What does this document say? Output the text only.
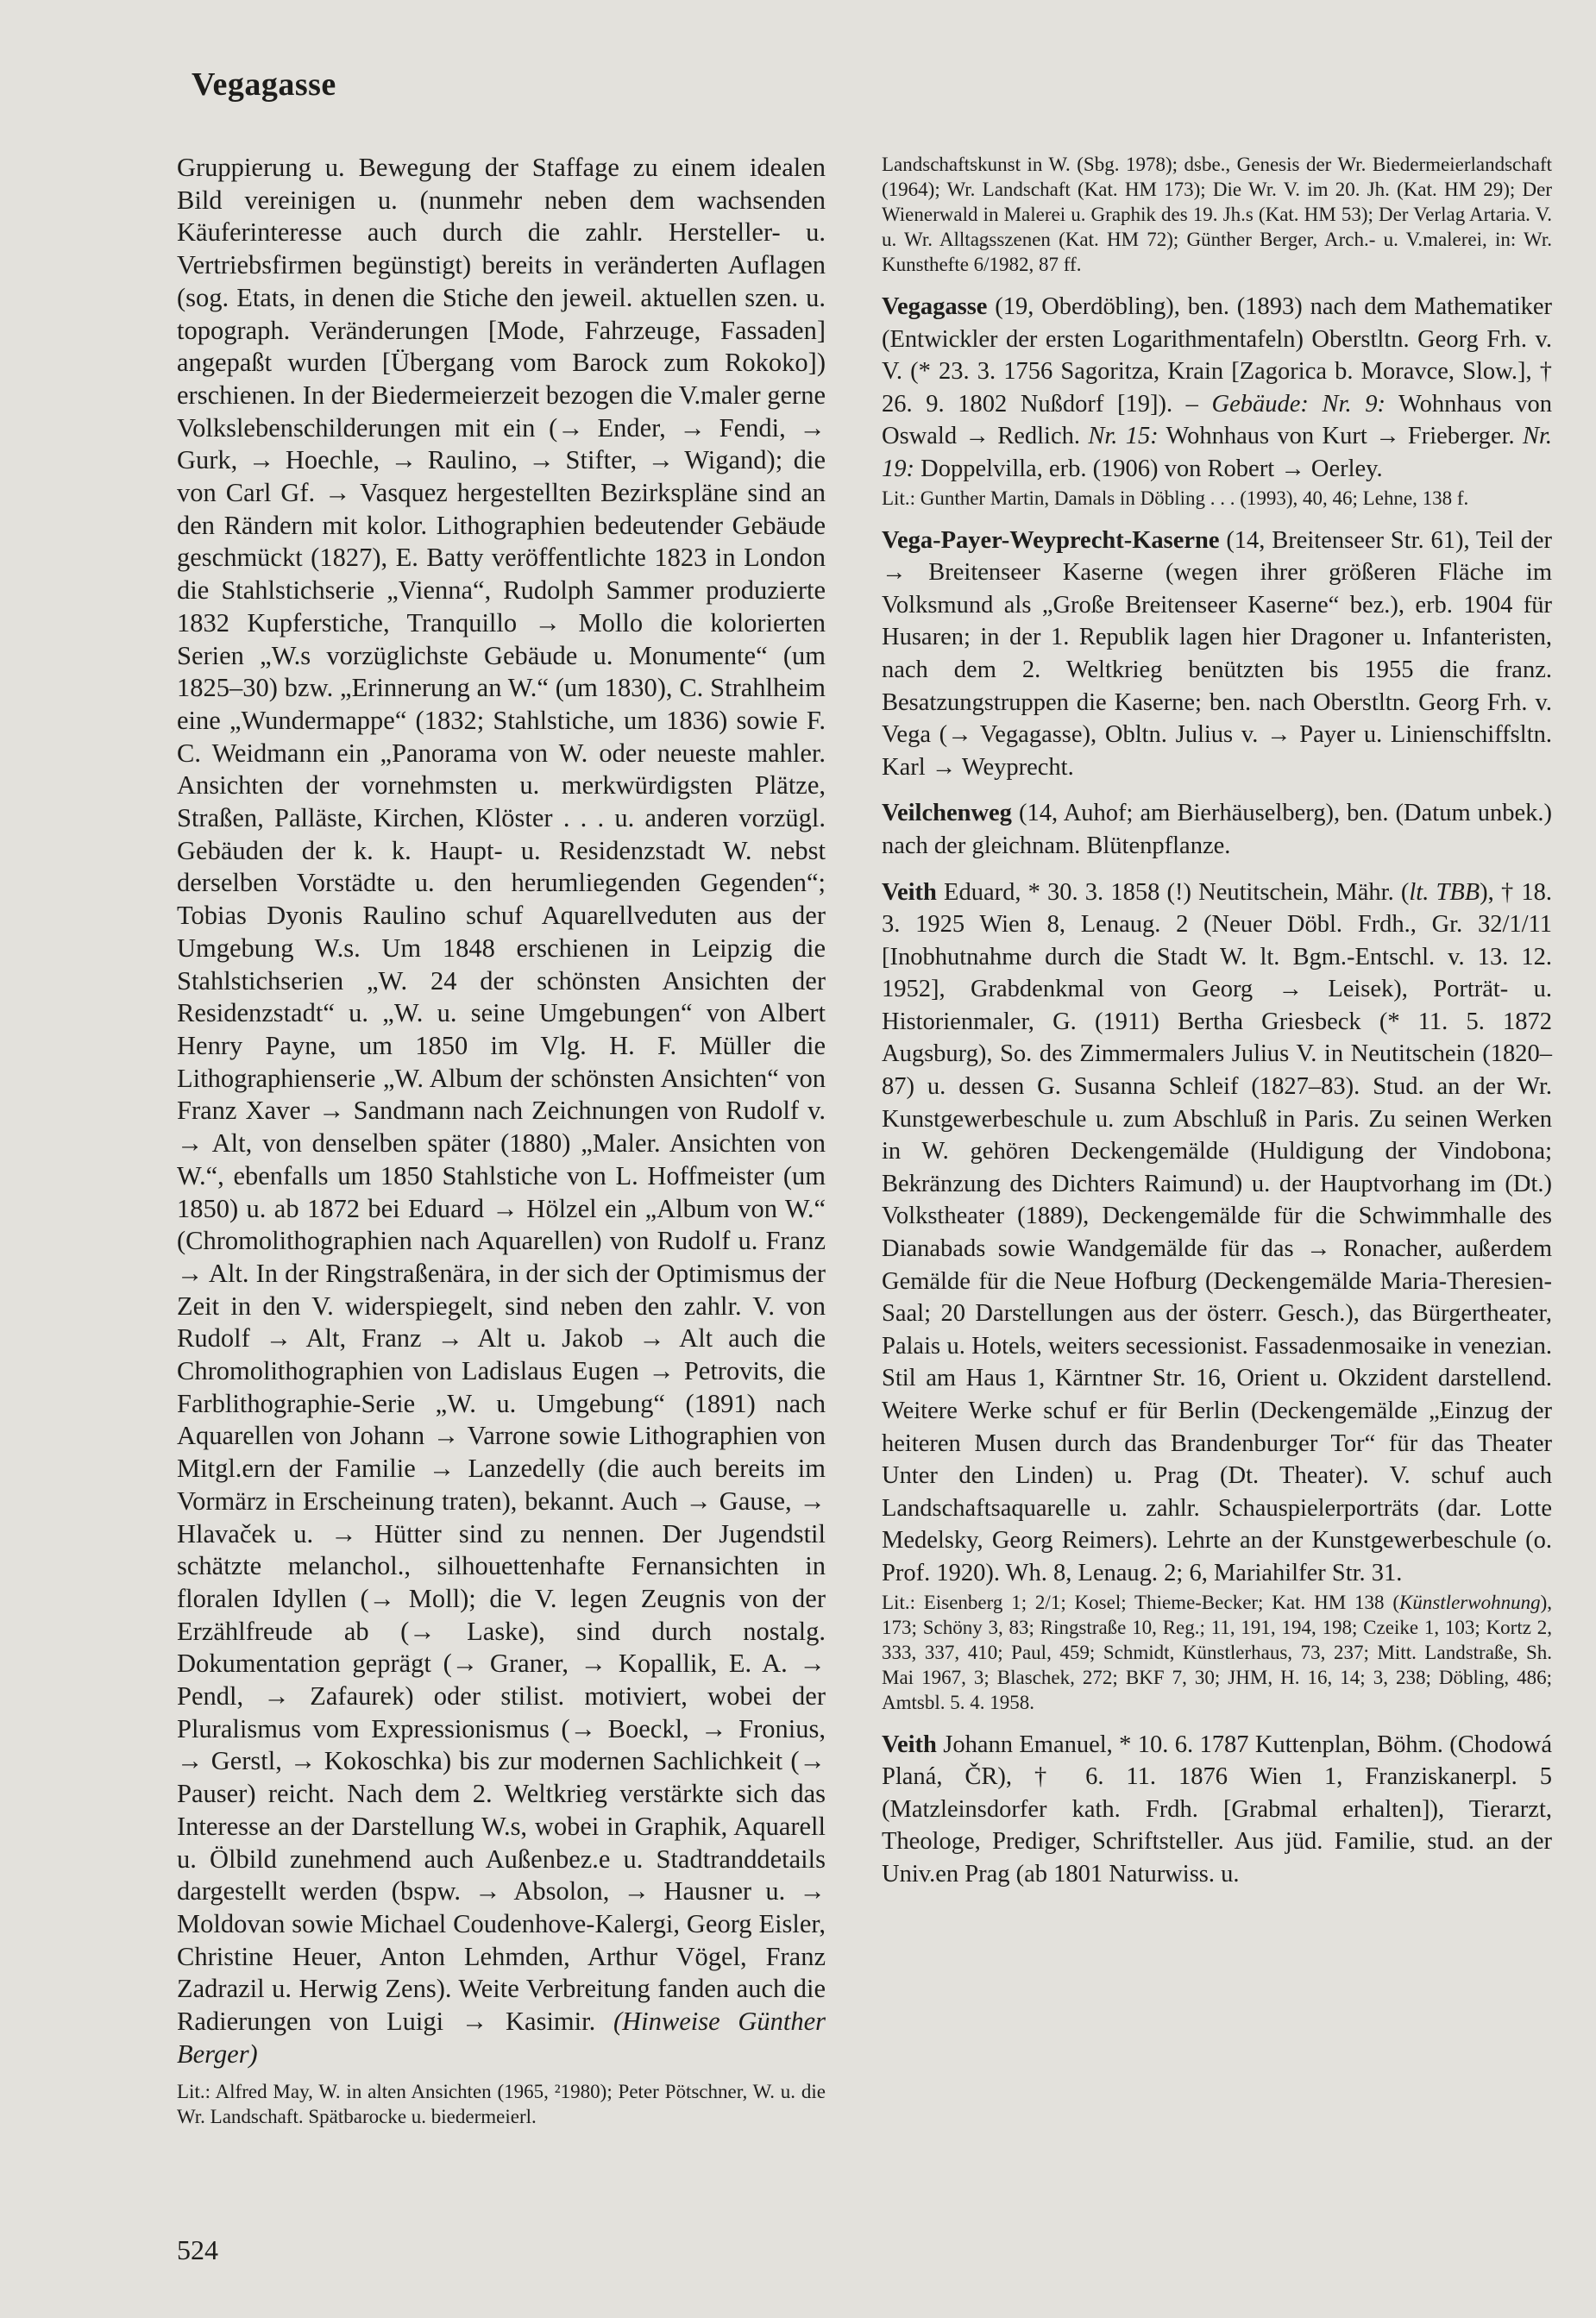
Vegagasse

Gruppierung u. Bewegung der Staffage zu einem idealen Bild vereinigen u. (nunmehr neben dem wachsenden Käuferinteresse auch durch die zahlr. Hersteller- u. Vertriebsfirmen begünstigt) bereits in veränderten Auflagen (sog. Etats, in denen die Stiche den jeweil. aktuellen szen. u. topograph. Veränderungen [Mode, Fahrzeuge, Fassaden] angepaßt wurden [Übergang vom Barock zum Rokoko]) erschienen. In der Biedermeierzeit bezogen die V.maler gerne Volkslebenschilderungen mit ein (→ Ender, → Fendi, → Gurk, → Hoechle, → Raulino, → Stifter, → Wigand); die von Carl Gf. → Vasquez hergestellten Bezirkspläne sind an den Rändern mit kolor. Lithographien bedeutender Gebäude geschmückt (1827), E. Batty veröffentlichte 1823 in London die Stahlstichserie „Vienna“, Rudolph Sammer produzierte 1832 Kupferstiche, Tranquillo → Mollo die kolorierten Serien „W.s vorzüglichste Gebäude u. Monumente“ (um 1825–30) bzw. „Erinnerung an W.“ (um 1830), C. Strahlheim eine „Wundermappe“ (1832; Stahlstiche, um 1836) sowie F. C. Weidmann ein „Panorama von W. oder neueste mahler. Ansichten der vornehmsten u. merkwürdigsten Plätze, Straßen, Palläste, Kirchen, Klöster . . . u. anderen vorzügl. Gebäuden der k. k. Haupt- u. Residenzstadt W. nebst derselben Vorstädte u. den herumliegenden Gegenden“; Tobias Dyonis Raulino schuf Aquarellveduten aus der Umgebung W.s. Um 1848 erschienen in Leipzig die Stahlstichserien „W. 24 der schönsten Ansichten der Residenzstadt“ u. „W. u. seine Umgebungen“ von Albert Henry Payne, um 1850 im Vlg. H. F. Müller die Lithographienserie „W. Album der schönsten Ansichten“ von Franz Xaver → Sandmann nach Zeichnungen von Rudolf v. → Alt, von denselben später (1880) „Maler. Ansichten von W.“, ebenfalls um 1850 Stahlstiche von L. Hoffmeister (um 1850) u. ab 1872 bei Eduard → Hölzel ein „Album von W.“ (Chromolithographien nach Aquarellen) von Rudolf u. Franz → Alt. In der Ringstraßenära, in der sich der Optimismus der Zeit in den V. widerspiegelt, sind neben den zahlr. V. von Rudolf → Alt, Franz → Alt u. Jakob → Alt auch die Chromolithographien von Ladislaus Eugen → Petrovits, die Farblithographie-Serie „W. u. Umgebung“ (1891) nach Aquarellen von Johann → Varrone sowie Lithographien von Mitgl.ern der Familie → Lanzedelly (die auch bereits im Vormärz in Erscheinung traten), bekannt. Auch → Gause, → Hlavaček u. → Hütter sind zu nennen. Der Jugendstil schätzte melanchol., silhouettenhafte Fernansichten in floralen Idyllen (→ Moll); die V. legen Zeugnis von der Erzählfreude ab (→ Laske), sind durch nostalg. Dokumentation geprägt (→ Graner, → Kopallik, E. A. → Pendl, → Zafaurek) oder stilist. motiviert, wobei der Pluralismus vom Expressionismus (→ Boeckl, → Fronius, → Gerstl, → Kokoschka) bis zur modernen Sachlichkeit (→ Pauser) reicht. Nach dem 2. Weltkrieg verstärkte sich das Interesse an der Darstellung W.s, wobei in Graphik, Aquarell u. Ölbild zunehmend auch Außenbez.e u. Stadtranddetails dargestellt werden (bspw. → Absolon, → Hausner u. → Moldovan sowie Michael Coudenhove-Kalergi, Georg Eisler, Christine Heuer, Anton Lehmden, Arthur Vögel, Franz Zadrazil u. Herwig Zens). Weite Verbreitung fanden auch die Radierungen von Luigi → Kasimir. (Hinweise Günther Berger)

Lit.: Alfred May, W. in alten Ansichten (1965, ²1980); Peter Pötschner, W. u. die Wr. Landschaft. Spätbarocke u. biedermeierl.

Landschaftskunst in W. (Sbg. 1978); dsbe., Genesis der Wr. Biedermeierlandschaft (1964); Wr. Landschaft (Kat. HM 173); Die Wr. V. im 20. Jh. (Kat. HM 29); Der Wienerwald in Malerei u. Graphik des 19. Jh.s (Kat. HM 53); Der Verlag Artaria. V. u. Wr. Alltagsszenen (Kat. HM 72); Günther Berger, Arch.- u. V.malerei, in: Wr. Kunsthefte 6/1982, 87 ff.

Vegagasse (19, Oberdöbling), ben. (1893) nach dem Mathematiker (Entwickler der ersten Logarithmentafeln) Oberstltn. Georg Frh. v. V. (* 23. 3. 1756 Sagoritza, Krain [Zagorica b. Moravce, Slow.], † 26. 9. 1802 Nußdorf [19]). – Gebäude: Nr. 9: Wohnhaus von Oswald → Redlich. Nr. 15: Wohnhaus von Kurt → Frieberger. Nr. 19: Doppelvilla, erb. (1906) von Robert → Oerley.

Lit.: Gunther Martin, Damals in Döbling . . . (1993), 40, 46; Lehne, 138 f.

Vega-Payer-Weyprecht-Kaserne (14, Breitenseer Str. 61), Teil der → Breitenseer Kaserne (wegen ihrer größeren Fläche im Volksmund als „Große Breitenseer Kaserne“ bez.), erb. 1904 für Husaren; in der 1. Republik lagen hier Dragoner u. Infanteristen, nach dem 2. Weltkrieg benützten bis 1955 die franz. Besatzungstruppen die Kaserne; ben. nach Oberstltn. Georg Frh. v. Vega (→ Vegagasse), Obltn. Julius v. → Payer u. Linienschiffsltn. Karl → Weyprecht.

Veilchenweg (14, Auhof; am Bierhäuselberg), ben. (Datum unbek.) nach der gleichnam. Blütenpflanze.

Veith Eduard, * 30. 3. 1858 (!) Neutitschein, Mähr. (lt. TBB), † 18. 3. 1925 Wien 8, Lenaug. 2 (Neuer Döbl. Frdh., Gr. 32/1/11 [Inobhutnahme durch die Stadt W. lt. Bgm.-Entschl. v. 13. 12. 1952], Grabdenkmal von Georg → Leisek), Porträt- u. Historienmaler, G. (1911) Bertha Griesbeck (* 11. 5. 1872 Augsburg), So. des Zimmermalers Julius V. in Neutitschein (1820–87) u. dessen G. Susanna Schleif (1827–83). Stud. an der Wr. Kunstgewerbeschule u. zum Abschluß in Paris. Zu seinen Werken in W. gehören Deckengemälde (Huldigung der Vindobona; Bekränzung des Dichters Raimund) u. der Hauptvorhang im (Dt.) Volkstheater (1889), Deckengemälde für die Schwimmhalle des Dianabads sowie Wandgemälde für das → Ronacher, außerdem Gemälde für die Neue Hofburg (Deckengemälde Maria-Theresien-Saal; 20 Darstellungen aus der österr. Gesch.), das Bürgertheater, Palais u. Hotels, weiters secessionist. Fassadenmosaike in venezian. Stil am Haus 1, Kärntner Str. 16, Orient u. Okzident darstellend. Weitere Werke schuf er für Berlin (Deckengemälde „Einzug der heiteren Musen durch das Brandenburger Tor“ für das Theater Unter den Linden) u. Prag (Dt. Theater). V. schuf auch Landschaftsaquarelle u. zahlr. Schauspielerporträts (dar. Lotte Medelsky, Georg Reimers). Lehrte an der Kunstgewerbeschule (o. Prof. 1920). Wh. 8, Lenaug. 2; 6, Mariahilfer Str. 31.

Lit.: Eisenberg 1; 2/1; Kosel; Thieme-Becker; Kat. HM 138 (Künstlerwohnung), 173; Schöny 3, 83; Ringstraße 10, Reg.; 11, 191, 194, 198; Czeike 1, 103; Kortz 2, 333, 337, 410; Paul, 459; Schmidt, Künstlerhaus, 73, 237; Mitt. Landstraße, Sh. Mai 1967, 3; Blaschek, 272; BKF 7, 30; JHM, H. 16, 14; 3, 238; Döbling, 486; Amtsbl. 5. 4. 1958.

Veith Johann Emanuel, * 10. 6. 1787 Kuttenplan, Böhm. (Chodowá Planá, ČR), † 6. 11. 1876 Wien 1, Franziskanerpl. 5 (Matzleinsdorfer kath. Frdh. [Grabmal erhalten]), Tierarzt, Theologe, Prediger, Schriftsteller. Aus jüd. Familie, stud. an der Univ.en Prag (ab 1801 Naturwiss. u.

524
